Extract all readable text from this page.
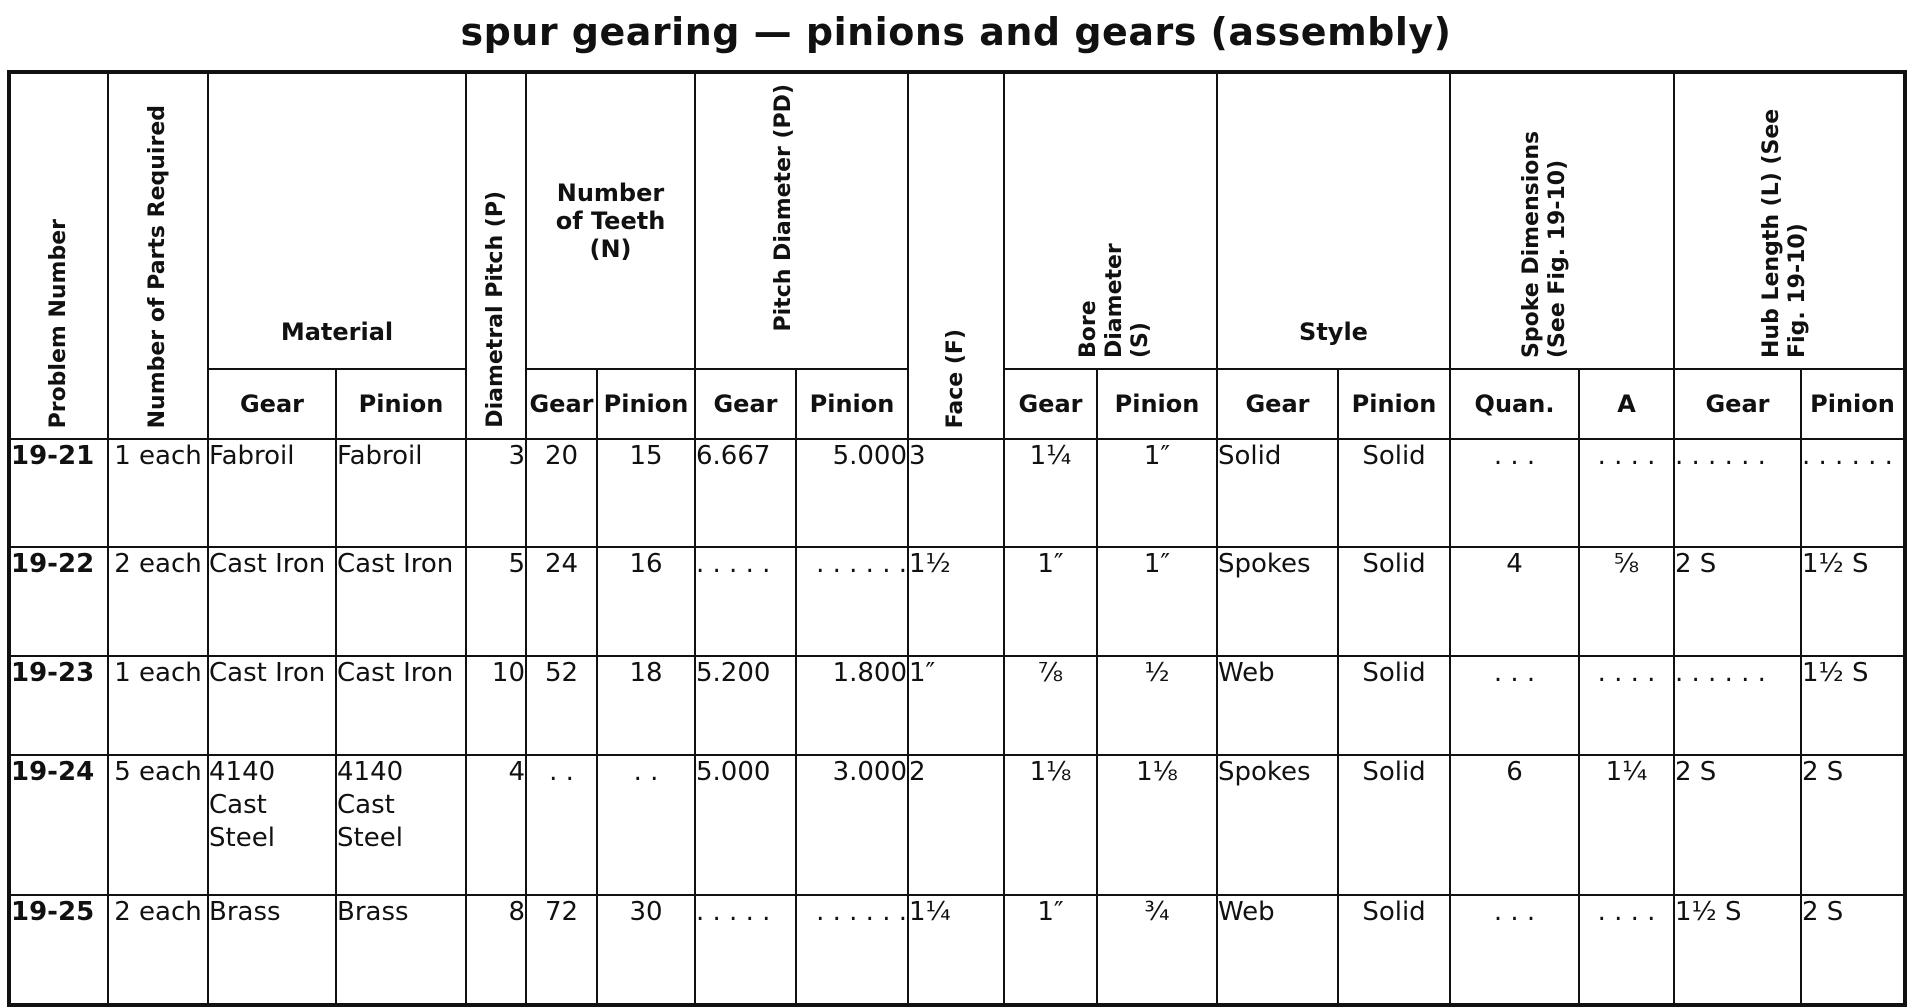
spur gearing — pinions and gears (assembly)
Problem Number	Number of Parts Required	Material		Diametral Pitch (P)	Number of Teeth (N)		Pitch Diameter (PD)		Face (F)	Bore Diameter (S)		Style		Spoke Dimensions (See Fig. 19-10)		Hub Length (L) (See Fig. 19-10)	

		Gear	Pinion		Gear	Pinion	Gear	Pinion		Gear	Pinion	Gear	Pinion	Quan.	A	Gear	Pinion
19-21	1 each	Fabroil	Fabroil	3	20	15	6.667	5.000	3	1¼	1″	Solid	Solid	. . .	. . . .	. . . . . .	. . . . . .
19-22	2 each	Cast Iron	Cast Iron	5	24	16	. . . . .	. . . . . .	1½	1″	1″	Spokes	Solid	4	⅝	2 S	1½ S
19-23	1 each	Cast Iron	Cast Iron	10	52	18	5.200	1.800	1″	⅞	½	Web	Solid	. . .	. . . .	. . . . . .	1½ S
19-24	5 each	4140 Cast Steel	4140 Cast Steel	4	. .	. .	5.000	3.000	2	1⅛	1⅛	Spokes	Solid	6	1¼	2 S	2 S
19-25	2 each	Brass	Brass	8	72	30	. . . . .	. . . . . .	1¼	1″	¾	Web	Solid	. . .	. . . .	1½ S	2 S
